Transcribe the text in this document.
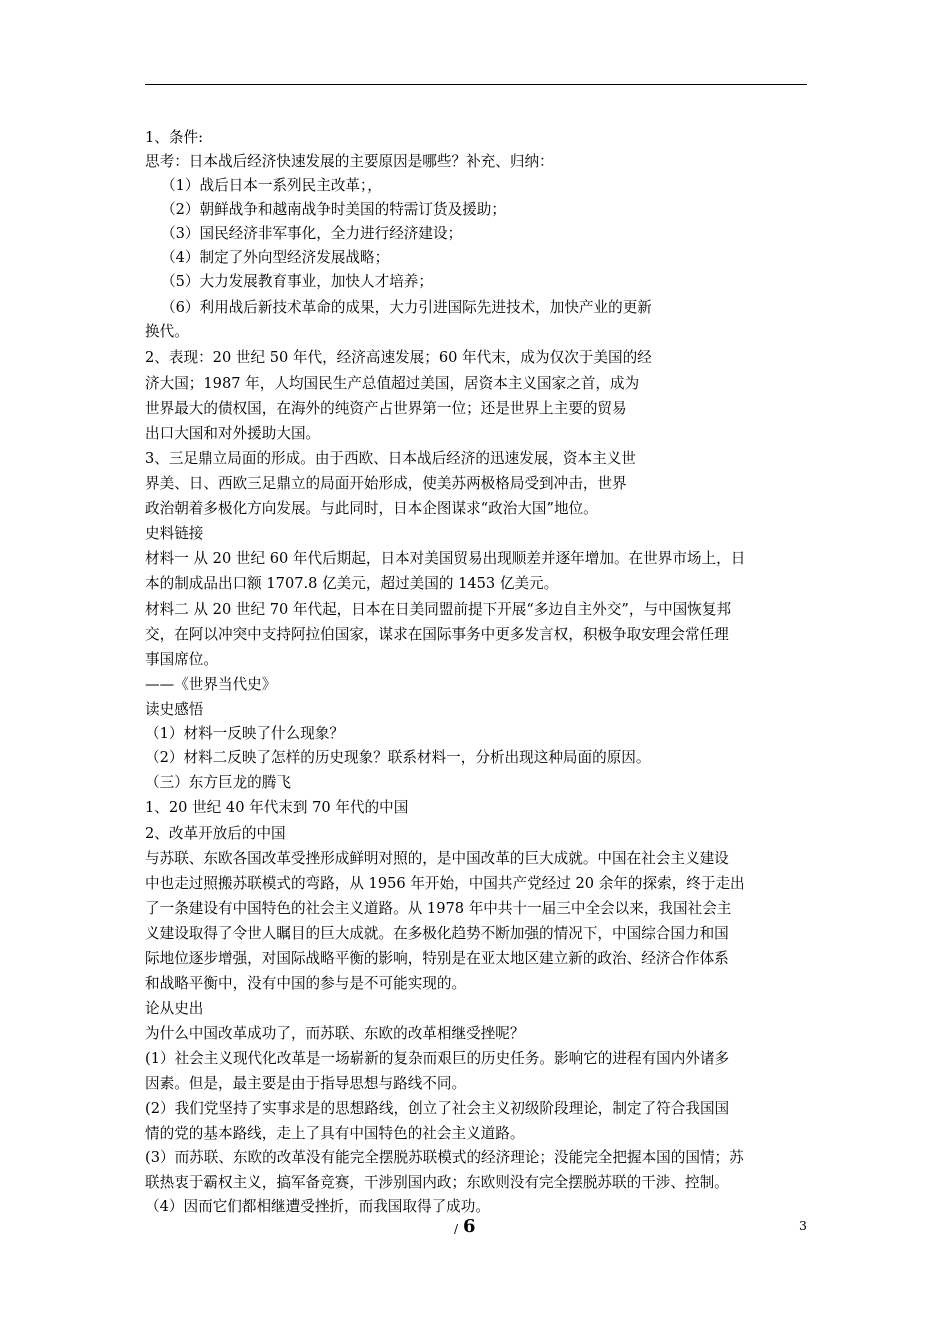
1、条件:
思考：日本战后经济快速发展的主要原因是哪些？补充、归纳：
（1）战后日本一系列民主改革；，
（2）朝鲜战争和越南战争时美国的特需订货及援助；
（3）国民经济非军事化，全力进行经济建设；
（4）制定了外向型经济发展战略；
（5）大力发展教育事业，加快人才培养；
（6）利用战后新技术革命的成果，大力引进国际先进技术，加快产业的更新
换代。
2、表现：20 世纪 50 年代，经济高速发展；60 年代末，成为仅次于美国的经
济大国；1987 年，人均国民生产总值超过美国，居资本主义国家之首，成为
世界最大的债权国，在海外的纯资产占世界第一位；还是世界上主要的贸易
出口大国和对外援助大国。
3、三足鼎立局面的形成。由于西欧、日本战后经济的迅速发展，资本主义世
界美、日、西欧三足鼎立的局面开始形成，使美苏两极格局受到冲击，世界
政治朝着多极化方向发展。与此同时，日本企图谋求“政治大国”地位。
史料链接
材料一 从 20 世纪 60 年代后期起，日本对美国贸易出现顺差并逐年增加。在世界市场上，日
本的制成品出口额 1707.8 亿美元，超过美国的 1453 亿美元。
材料二 从 20 世纪 70 年代起，日本在日美同盟前提下开展“多边自主外交”，与中国恢复邦
交，在阿以冲突中支持阿拉伯国家，谋求在国际事务中更多发言权，积极争取安理会常任理
事国席位。
——《世界当代史》
读史感悟
（1）材料一反映了什么现象？
（2）材料二反映了怎样的历史现象？联系材料一，分析出现这种局面的原因。
（三）东方巨龙的腾飞
1、20 世纪 40 年代末到 70 年代的中国
2、改革开放后的中国
与苏联、东欧各国改革受挫形成鲜明对照的，是中国改革的巨大成就。中国在社会主义建设
中也走过照搬苏联模式的弯路，从 1956 年开始，中国共产党经过 20 余年的探索，终于走出
了一条建设有中国特色的社会主义道路。从 1978 年中共十一届三中全会以来，我国社会主
义建设取得了令世人瞩目的巨大成就。在多极化趋势不断加强的情况下，中国综合国力和国
际地位逐步增强，对国际战略平衡的影响，特别是在亚太地区建立新的政治、经济合作体系
和战略平衡中，没有中国的参与是不可能实现的。
论从史出
为什么中国改革成功了，而苏联、东欧的改革相继受挫呢？
(1）社会主义现代化改革是一场崭新的复杂而艰巨的历史任务。影响它的进程有国内外诸多
因素。但是，最主要是由于指导思想与路线不同。
(2）我们党坚持了实事求是的思想路线，创立了社会主义初级阶段理论，制定了符合我国国
情的党的基本路线，走上了具有中国特色的社会主义道路。
(3）而苏联、东欧的改革没有能完全摆脱苏联模式的经济理论；没能完全把握本国的国情；苏
联热衷于霸权主义，搞军备竞赛，干涉别国内政；东欧则没有完全摆脱苏联的干涉、控制。
（4）因而它们都相继遭受挫折，而我国取得了成功。
/ 6	3
